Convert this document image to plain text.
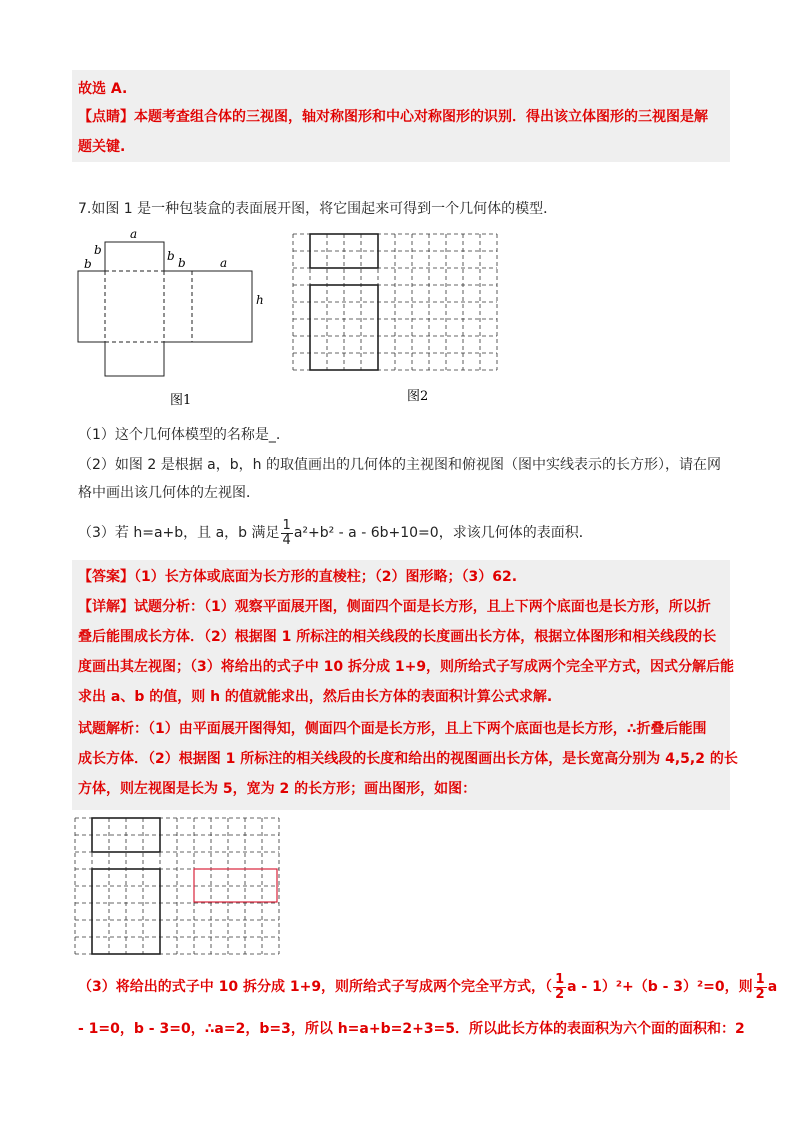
故选 A.
【点睛】本题考查组合体的三视图，轴对称图形和中心对称图形的识别．得出该立体图形的三视图是解
题关键.
7.如图 1 是一种包装盒的表面展开图，将它围起来可得到一个几何体的模型．
a
b
b
b b	a
h
图1	图2
（1）这个几何体模型的名称是_.
（2）如图 2 是根据 a，b，h 的取值画出的几何体的主视图和俯视图（图中实线表示的长方形），请在网
格中画出该几何体的左视图．
（3）若 h=a+b，且 a，b 满足 $\frac{1}{4} a^2+b^2 - a - 6b+10=0$，求该几何体的表面积．
【答案】（1）长方体或底面为长方形的直棱柱；（2）图形略；（3）62.
【详解】试题分析：（1）观察平面展开图，侧面四个面是长方形，且上下两个底面也是长方形，所以折
叠后能围成长方体．（2）根据图 1 所标注的相关线段的长度画出长方体，根据立体图形和相关线段的长
度画出其左视图；（3）将给出的式子中 10 拆分成 1+9，则所给式子写成两个完全平方式，因式分解后能
求出 a、b 的值，则 h 的值就能求出，然后由长方体的表面积计算公式求解.
试题解析：（1）由平面展开图得知，侧面四个面是长方形，且上下两个底面也是长方形，∴折叠后能围
成长方体．（2）根据图 1 所标注的相关线段的长度和给出的视图画出长方体，是长宽高分别为 4,5,2 的长
方体，则左视图是长为 5，宽为 2 的长方形；画出图形，如图：
（3）将给出的式子中 10 拆分成 1+9，则所给式子写成两个完全平方式，（ $\frac{1}{2}$ a - 1）²+（b - 3）²=0，则 $\frac{1}{2}$ a
- 1=0，b - 3=0，∴a=2，b=3，所以 h=a+b=2+3=5．所以此长方体的表面积为六个面的面积和：2
